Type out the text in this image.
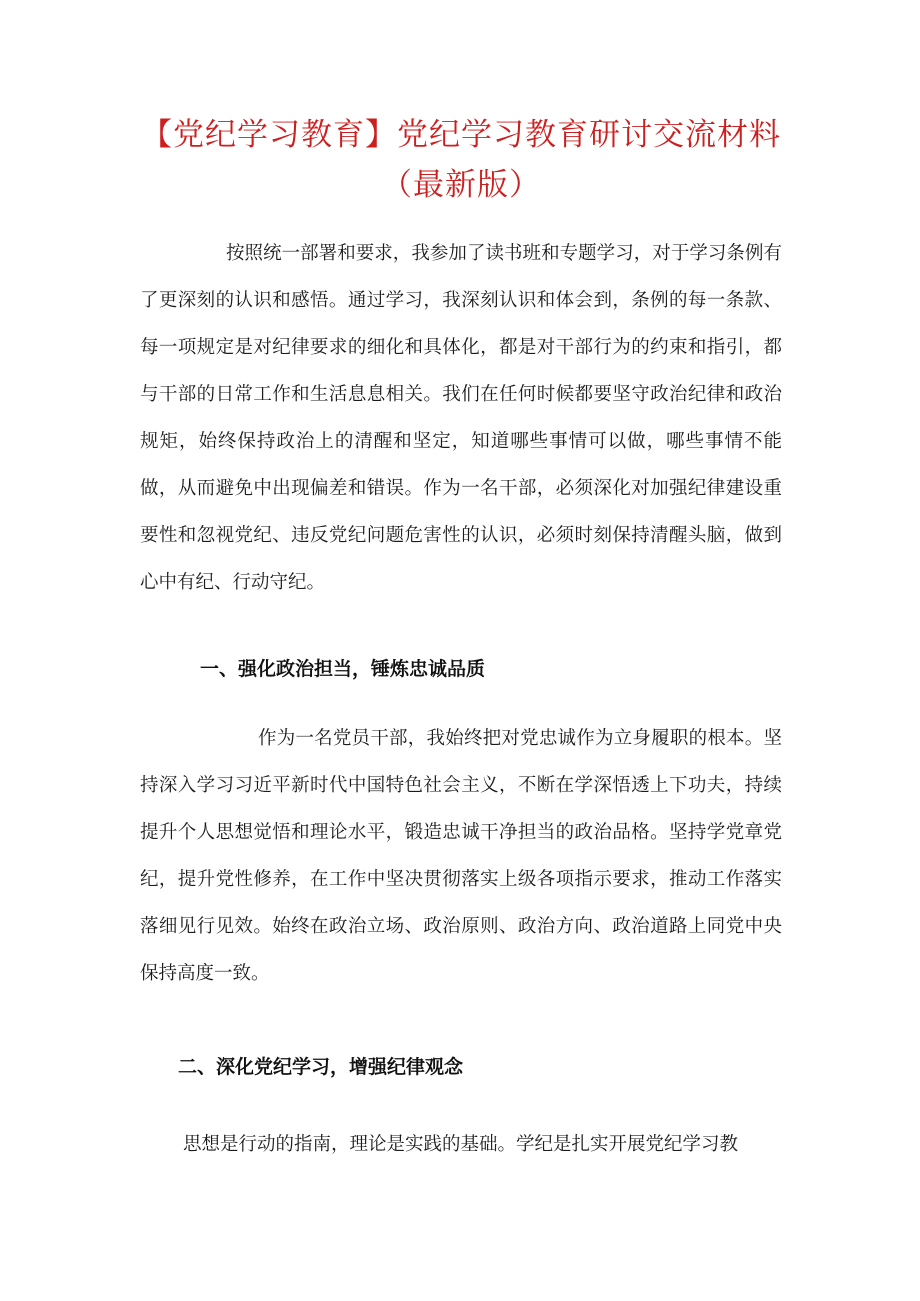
【党纪学习教育】党纪学习教育研讨交流材料（最新版）

按照统一部署和要求，我参加了读书班和专题学习，对于学习条例有了更深刻的认识和感悟。通过学习，我深刻认识和体会到，条例的每一条款、每一项规定是对纪律要求的细化和具体化，都是对干部行为的约束和指引，都与干部的日常工作和生活息息相关。我们在任何时候都要坚守政治纪律和政治规矩，始终保持政治上的清醒和坚定，知道哪些事情可以做，哪些事情不能做，从而避免中出现偏差和错误。作为一名干部，必须深化对加强纪律建设重要性和忽视党纪、违反党纪问题危害性的认识，必须时刻保持清醒头脑，做到心中有纪、行动守纪。

一、强化政治担当，锤炼忠诚品质

作为一名党员干部，我始终把对党忠诚作为立身履职的根本。坚持深入学习习近平新时代中国特色社会主义，不断在学深悟透上下功夫，持续提升个人思想觉悟和理论水平，锻造忠诚干净担当的政治品格。坚持学党章党纪，提升党性修养，在工作中坚决贯彻落实上级各项指示要求，推动工作落实落细见行见效。始终在政治立场、政治原则、政治方向、政治道路上同党中央保持高度一致。

二、深化党纪学习，增强纪律观念

思想是行动的指南，理论是实践的基础。学纪是扎实开展党纪学习教
